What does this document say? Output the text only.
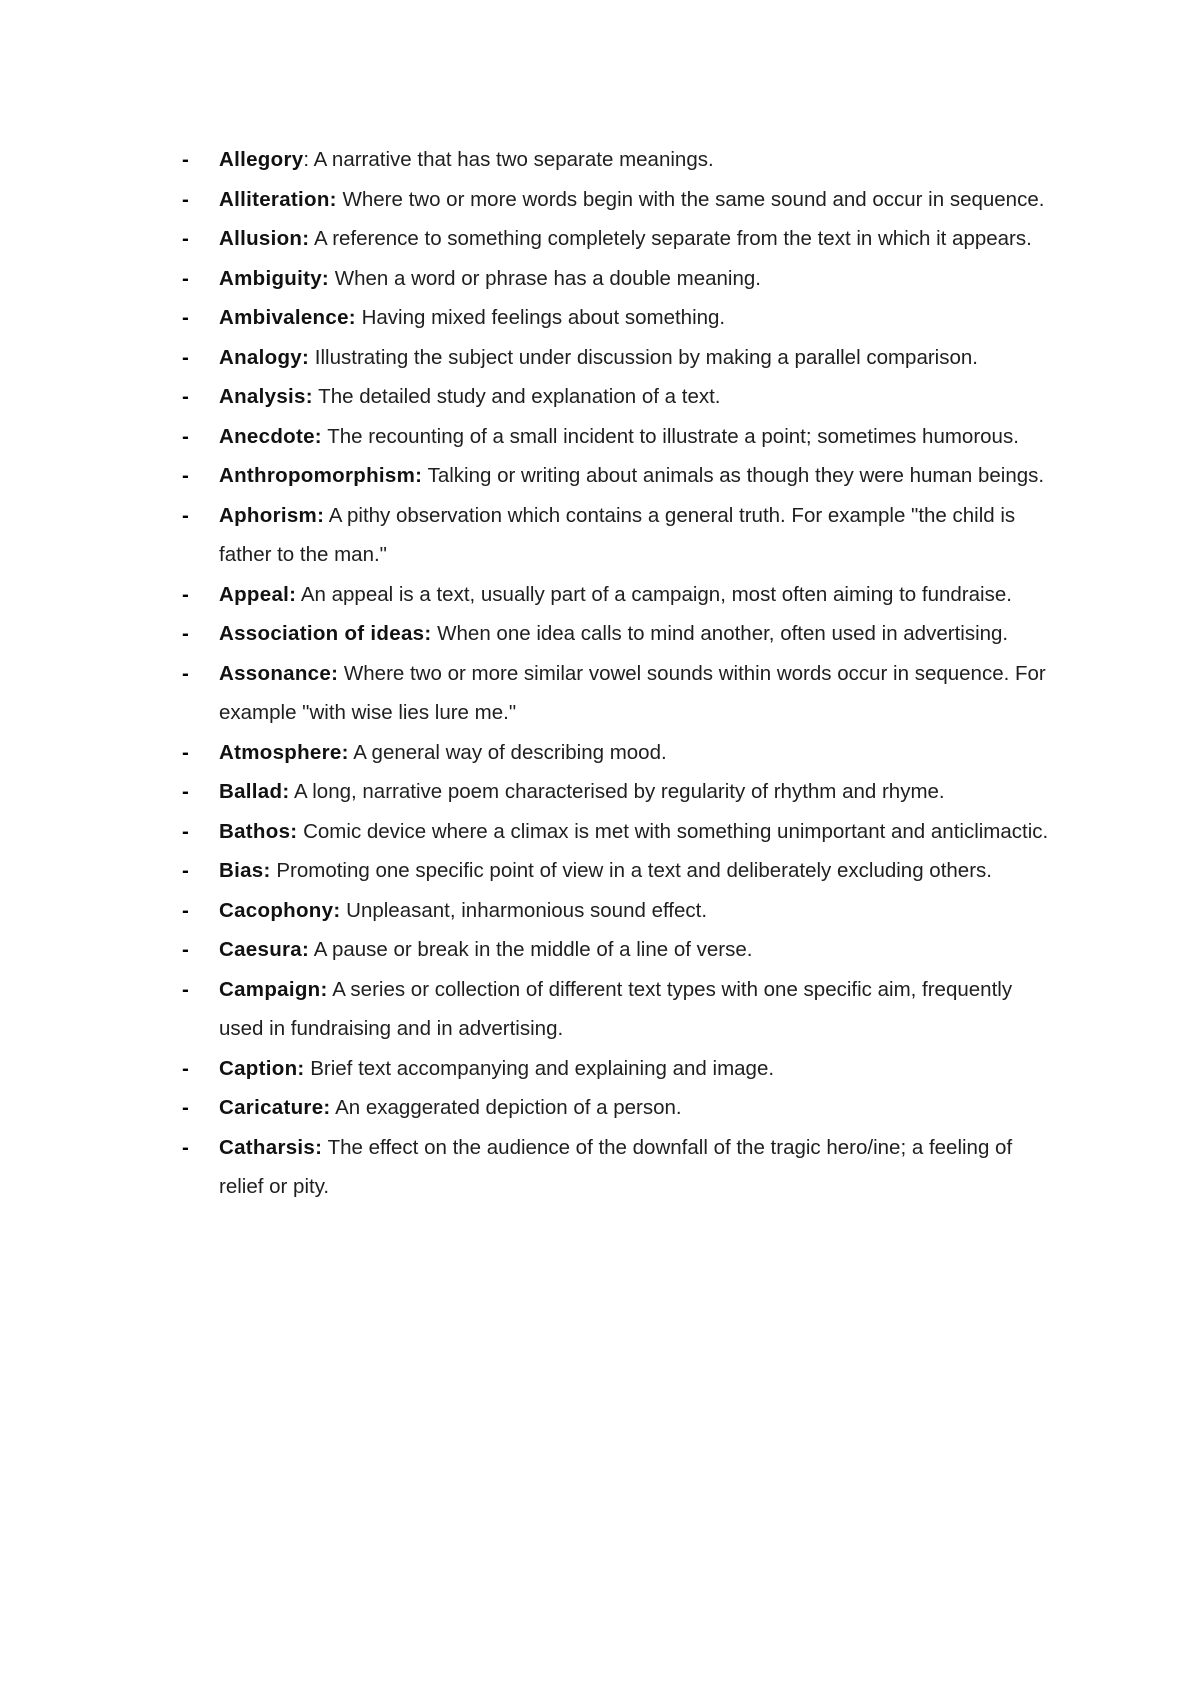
- Allegory: A narrative that has two separate meanings.
- Alliteration: Where two or more words begin with the same sound and occur in sequence.
- Allusion: A reference to something completely separate from the text in which it appears.
- Ambiguity: When a word or phrase has a double meaning.
- Ambivalence: Having mixed feelings about something.
- Analogy: Illustrating the subject under discussion by making a parallel comparison.
- Analysis: The detailed study and explanation of a text.
- Anecdote: The recounting of a small incident to illustrate a point; sometimes humorous.
- Anthropomorphism: Talking or writing about animals as though they were human beings.
- Aphorism: A pithy observation which contains a general truth. For example "the child is father to the man."
- Appeal: An appeal is a text, usually part of a campaign, most often aiming to fundraise.
- Association of ideas: When one idea calls to mind another, often used in advertising.
- Assonance: Where two or more similar vowel sounds within words occur in sequence. For example "with wise lies lure me."
- Atmosphere: A general way of describing mood.
- Ballad: A long, narrative poem characterised by regularity of rhythm and rhyme.
- Bathos: Comic device where a climax is met with something unimportant and anticlimactic.
- Bias: Promoting one specific point of view in a text and deliberately excluding others.
- Cacophony: Unpleasant, inharmonious sound effect.
- Caesura: A pause or break in the middle of a line of verse.
- Campaign: A series or collection of different text types with one specific aim, frequently used in fundraising and in advertising.
- Caption: Brief text accompanying and explaining and image.
- Caricature: An exaggerated depiction of a person.
- Catharsis: The effect on the audience of the downfall of the tragic hero/ine; a feeling of relief or pity.
